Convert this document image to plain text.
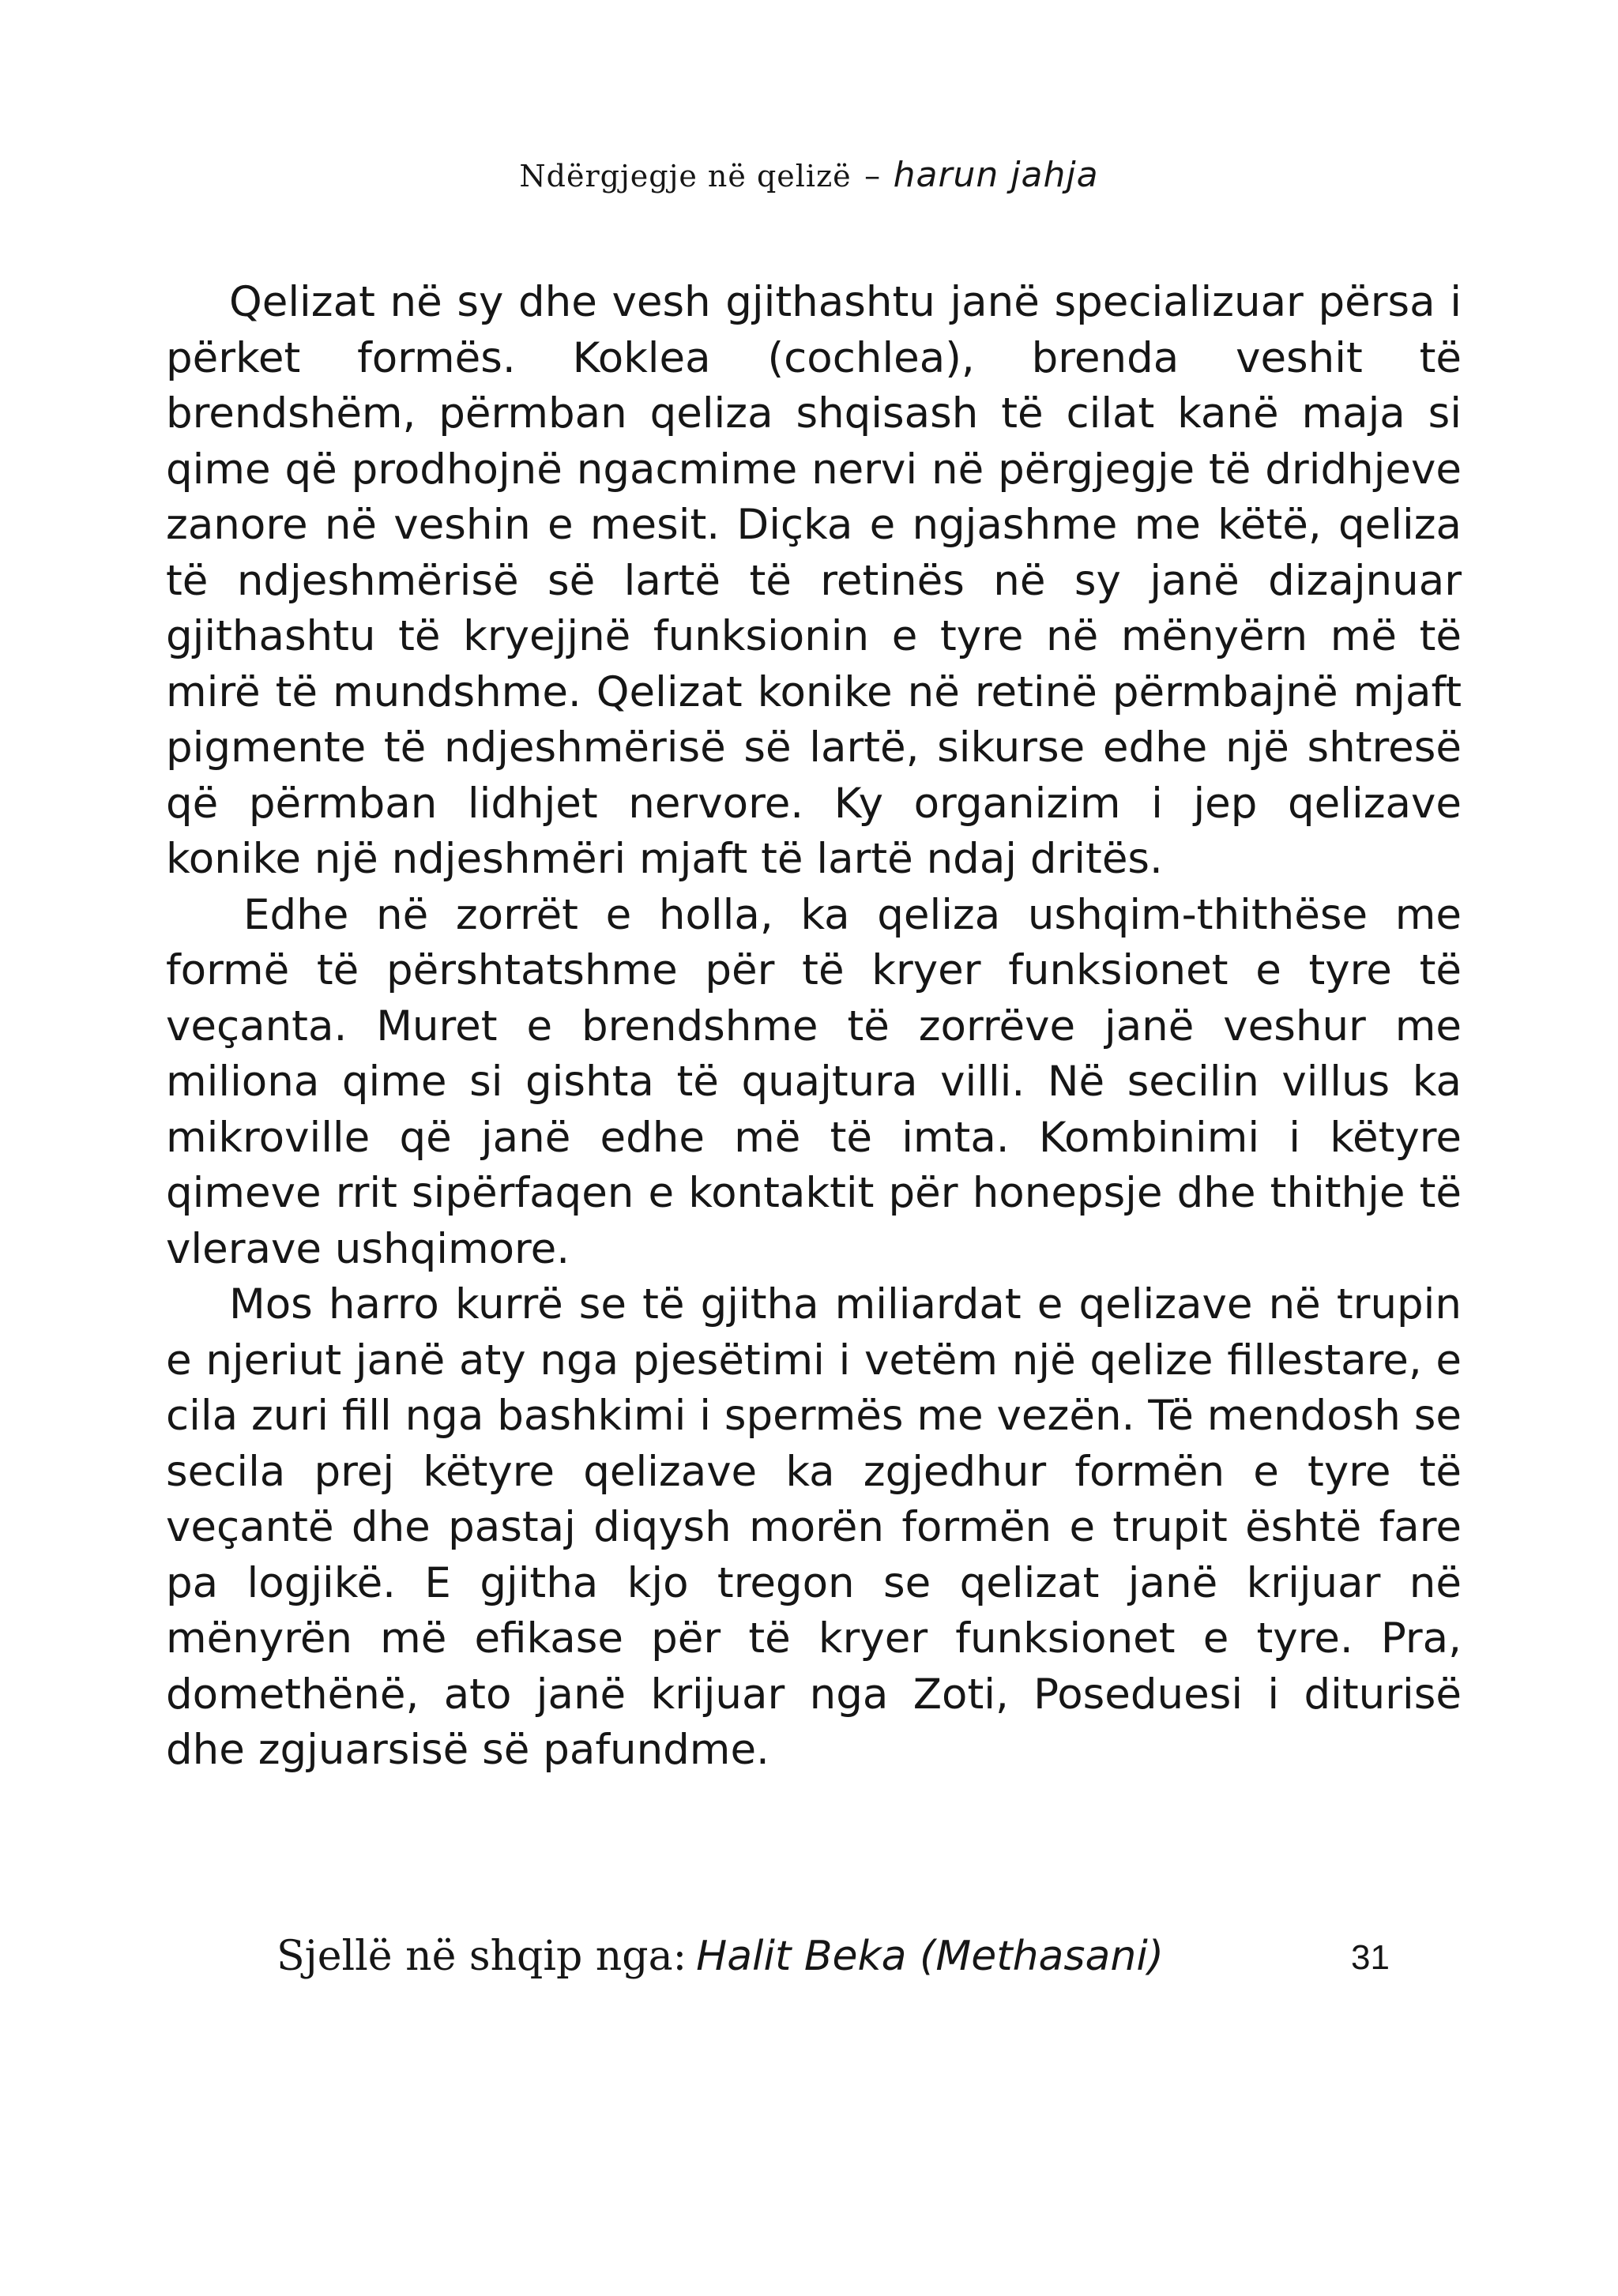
Ndërgjegje në qelizë – harun jahja

Qelizat në sy dhe vesh gjithashtu janë specializuar përsa i përket formës. Koklea (cochlea), brenda veshit të brendshëm, përmban qeliza shqisash të cilat kanë maja si qime që prodhojnë ngacmime nervi në përgjegje të dridhjeve zanore në veshin e mesit. Diçka e ngjashme me këtë, qeliza të ndjeshmërisë së lartë të retinës në sy janë dizajnuar gjithashtu të kryejjnë funksionin e tyre në mënyërn më të mirë të mundshme. Qelizat konike në retinë përmbajnë mjaft pigmente të ndjeshmërisë së lartë, sikurse edhe një shtresë që përmban lidhjet nervore. Ky organizim i jep qelizave konike një ndjeshmëri mjaft të lartë ndaj dritës.

Edhe në zorrët e holla, ka qeliza ushqim-thithëse me formë të përshtatshme për të kryer funksionet e tyre të veçanta. Muret e brendshme të zorrëve janë veshur me miliona qime si gishta të quajtura villi. Në secilin villus ka mikroville që janë edhe më të imta. Kombinimi i këtyre qimeve rrit sipërfaqen e kontaktit për honepsje dhe thithje të vlerave ushqimore.

Mos harro kurrë se të gjitha miliardat e qelizave në trupin e njeriut janë aty nga pjesëtimi i vetëm një qelize fillestare, e cila zuri fill nga bashkimi i spermës me vezën. Të mendosh se secila prej këtyre qelizave ka zgjedhur formën e tyre të veçantë dhe pastaj diqysh morën formën e trupit është fare pa logjikë. E gjitha kjo tregon se qelizat janë krijuar në mënyrën më efikase për të kryer funksionet e tyre. Pra, domethënë, ato janë krijuar nga Zoti, Poseduesi i diturisë dhe zgjuarsisë së pafundme.

Sjellë në shqip nga: Halit Beka (Methasani)	31
